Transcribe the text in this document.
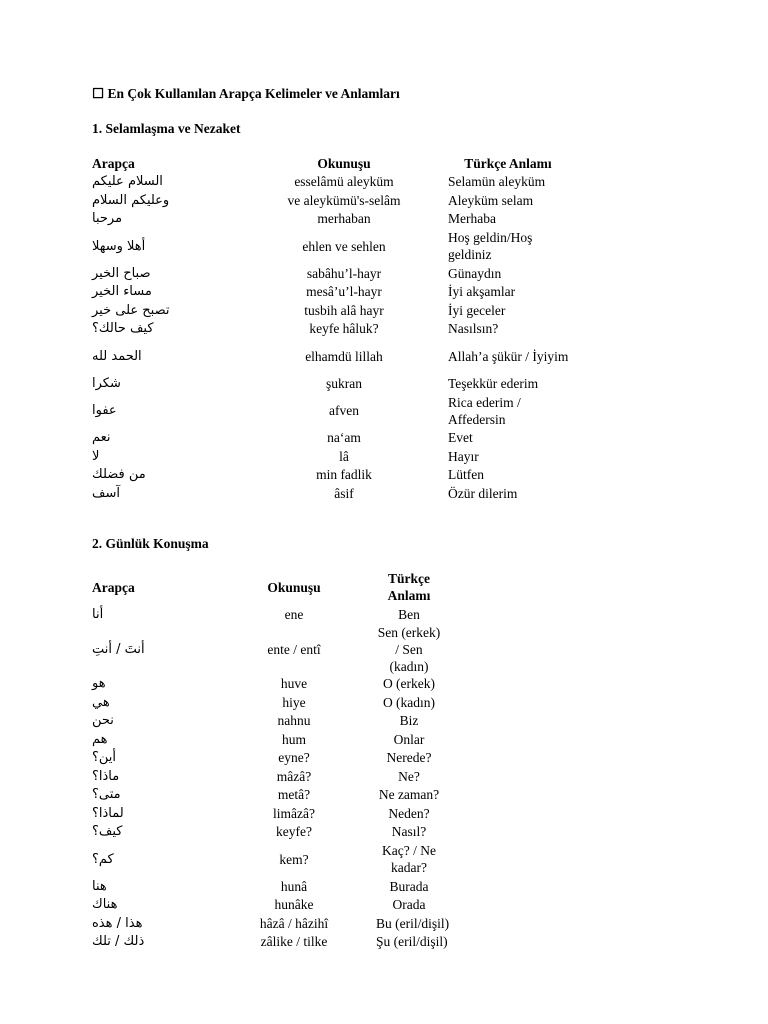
☐ En Çok Kullanılan Arapça Kelimeler ve Anlamları
1. Selamlaşma ve Nezaket
Arapça	Okunuşu	Türkçe Anlamı
السلام عليكم	esselâmü aleyküm	Selamün aleyküm
وعليكم السلام	ve aleykümü's-selâm	Aleyküm selam
مرحبا	merhaban	Merhaba
أهلا وسهلا	ehlen ve sehlen	Hoş geldin/Hoş geldiniz
صباح الخير	sabâhu’l-hayr	Günaydın
مساء الخير	mesâ’u’l-hayr	İyi akşamlar
تصبح على خير	tusbih alâ hayr	İyi geceler
كيف حالك؟	keyfe hâluk?	Nasılsın?
الحمد لله	elhamdü lillah	Allah’a şükür / İyiyim
شكرا	şukran	Teşekkür ederim
عفوا	afven	Rica ederim / Affedersin
نعم	na‘am	Evet
لا	lâ	Hayır
من فضلك	min fadlik	Lütfen
آسف	âsif	Özür dilerim
2. Günlük Konuşma
Arapça	Okunuşu	Türkçe Anlamı
أنا	ene	Ben
أنتَ / أنتِ	ente / entî	Sen (erkek) / Sen (kadın)
هو	huve	O (erkek)
هي	hiye	O (kadın)
نحن	nahnu	Biz
هم	hum	Onlar
أين؟	eyne?	Nerede?
ماذا؟	mâzâ?	Ne?
متى؟	metâ?	Ne zaman?
لماذا؟	limâzâ?	Neden?
كيف؟	keyfe?	Nasıl?
كم؟	kem?	Kaç? / Ne kadar?
هنا	hunâ	Burada
هناك	hunâke	Orada
هذا / هذه	hâzâ / hâzihî	Bu (eril/dişil)
ذلك / تلك	zâlike / tilke	Şu (eril/dişil)
